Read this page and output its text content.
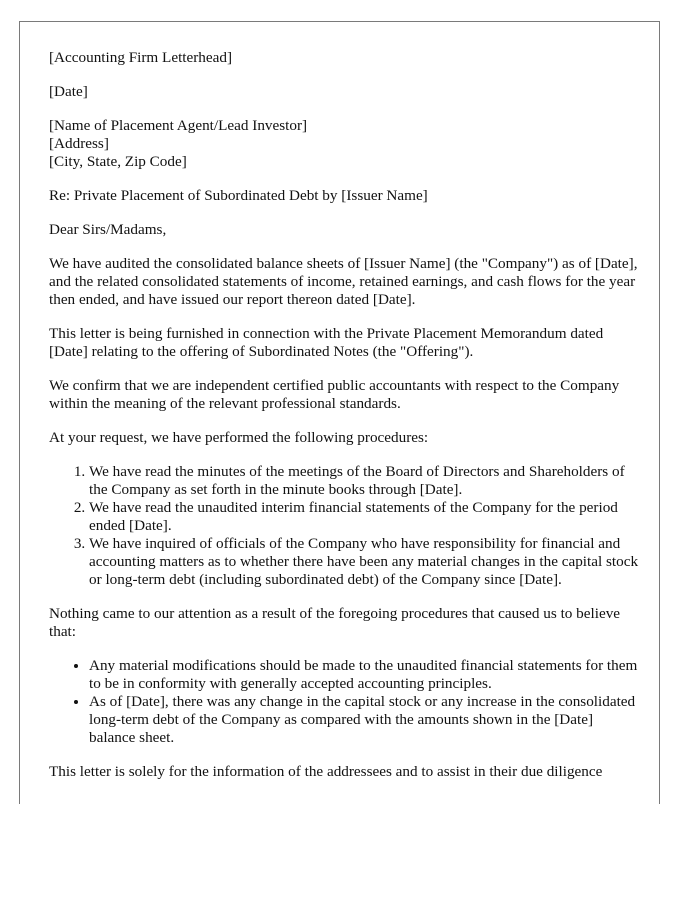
[Accounting Firm Letterhead]

[Date]

[Name of Placement Agent/Lead Investor]

[Address]

[City, State, Zip Code]

Re: Private Placement of Subordinated Debt by [Issuer Name]

Dear Sirs/Madams,

We have audited the consolidated balance sheets of [Issuer Name] (the "Company") as of [Date], and the related consolidated statements of income, retained earnings, and cash flows for the year then ended, and have issued our report thereon dated [Date].

This letter is being furnished in connection with the Private Placement Memorandum dated [Date] relating to the offering of Subordinated Notes (the "Offering").

We confirm that we are independent certified public accountants with respect to the Company within the meaning of the relevant professional standards.

At your request, we have performed the following procedures:

1. We have read the minutes of the meetings of the Board of Directors and Shareholders of the Company as set forth in the minute books through [Date].
2. We have read the unaudited interim financial statements of the Company for the period ended [Date].
3. We have inquired of officials of the Company who have responsibility for financial and accounting matters as to whether there have been any material changes in the capital stock or long-term debt (including subordinated debt) of the Company since [Date].

Nothing came to our attention as a result of the foregoing procedures that caused us to believe that:

• Any material modifications should be made to the unaudited financial statements for them to be in conformity with generally accepted accounting principles.
• As of [Date], there was any change in the capital stock or any increase in the consolidated long-term debt of the Company as compared with the amounts shown in the [Date] balance sheet.

This letter is solely for the information of the addressees and to assist in their due diligence
